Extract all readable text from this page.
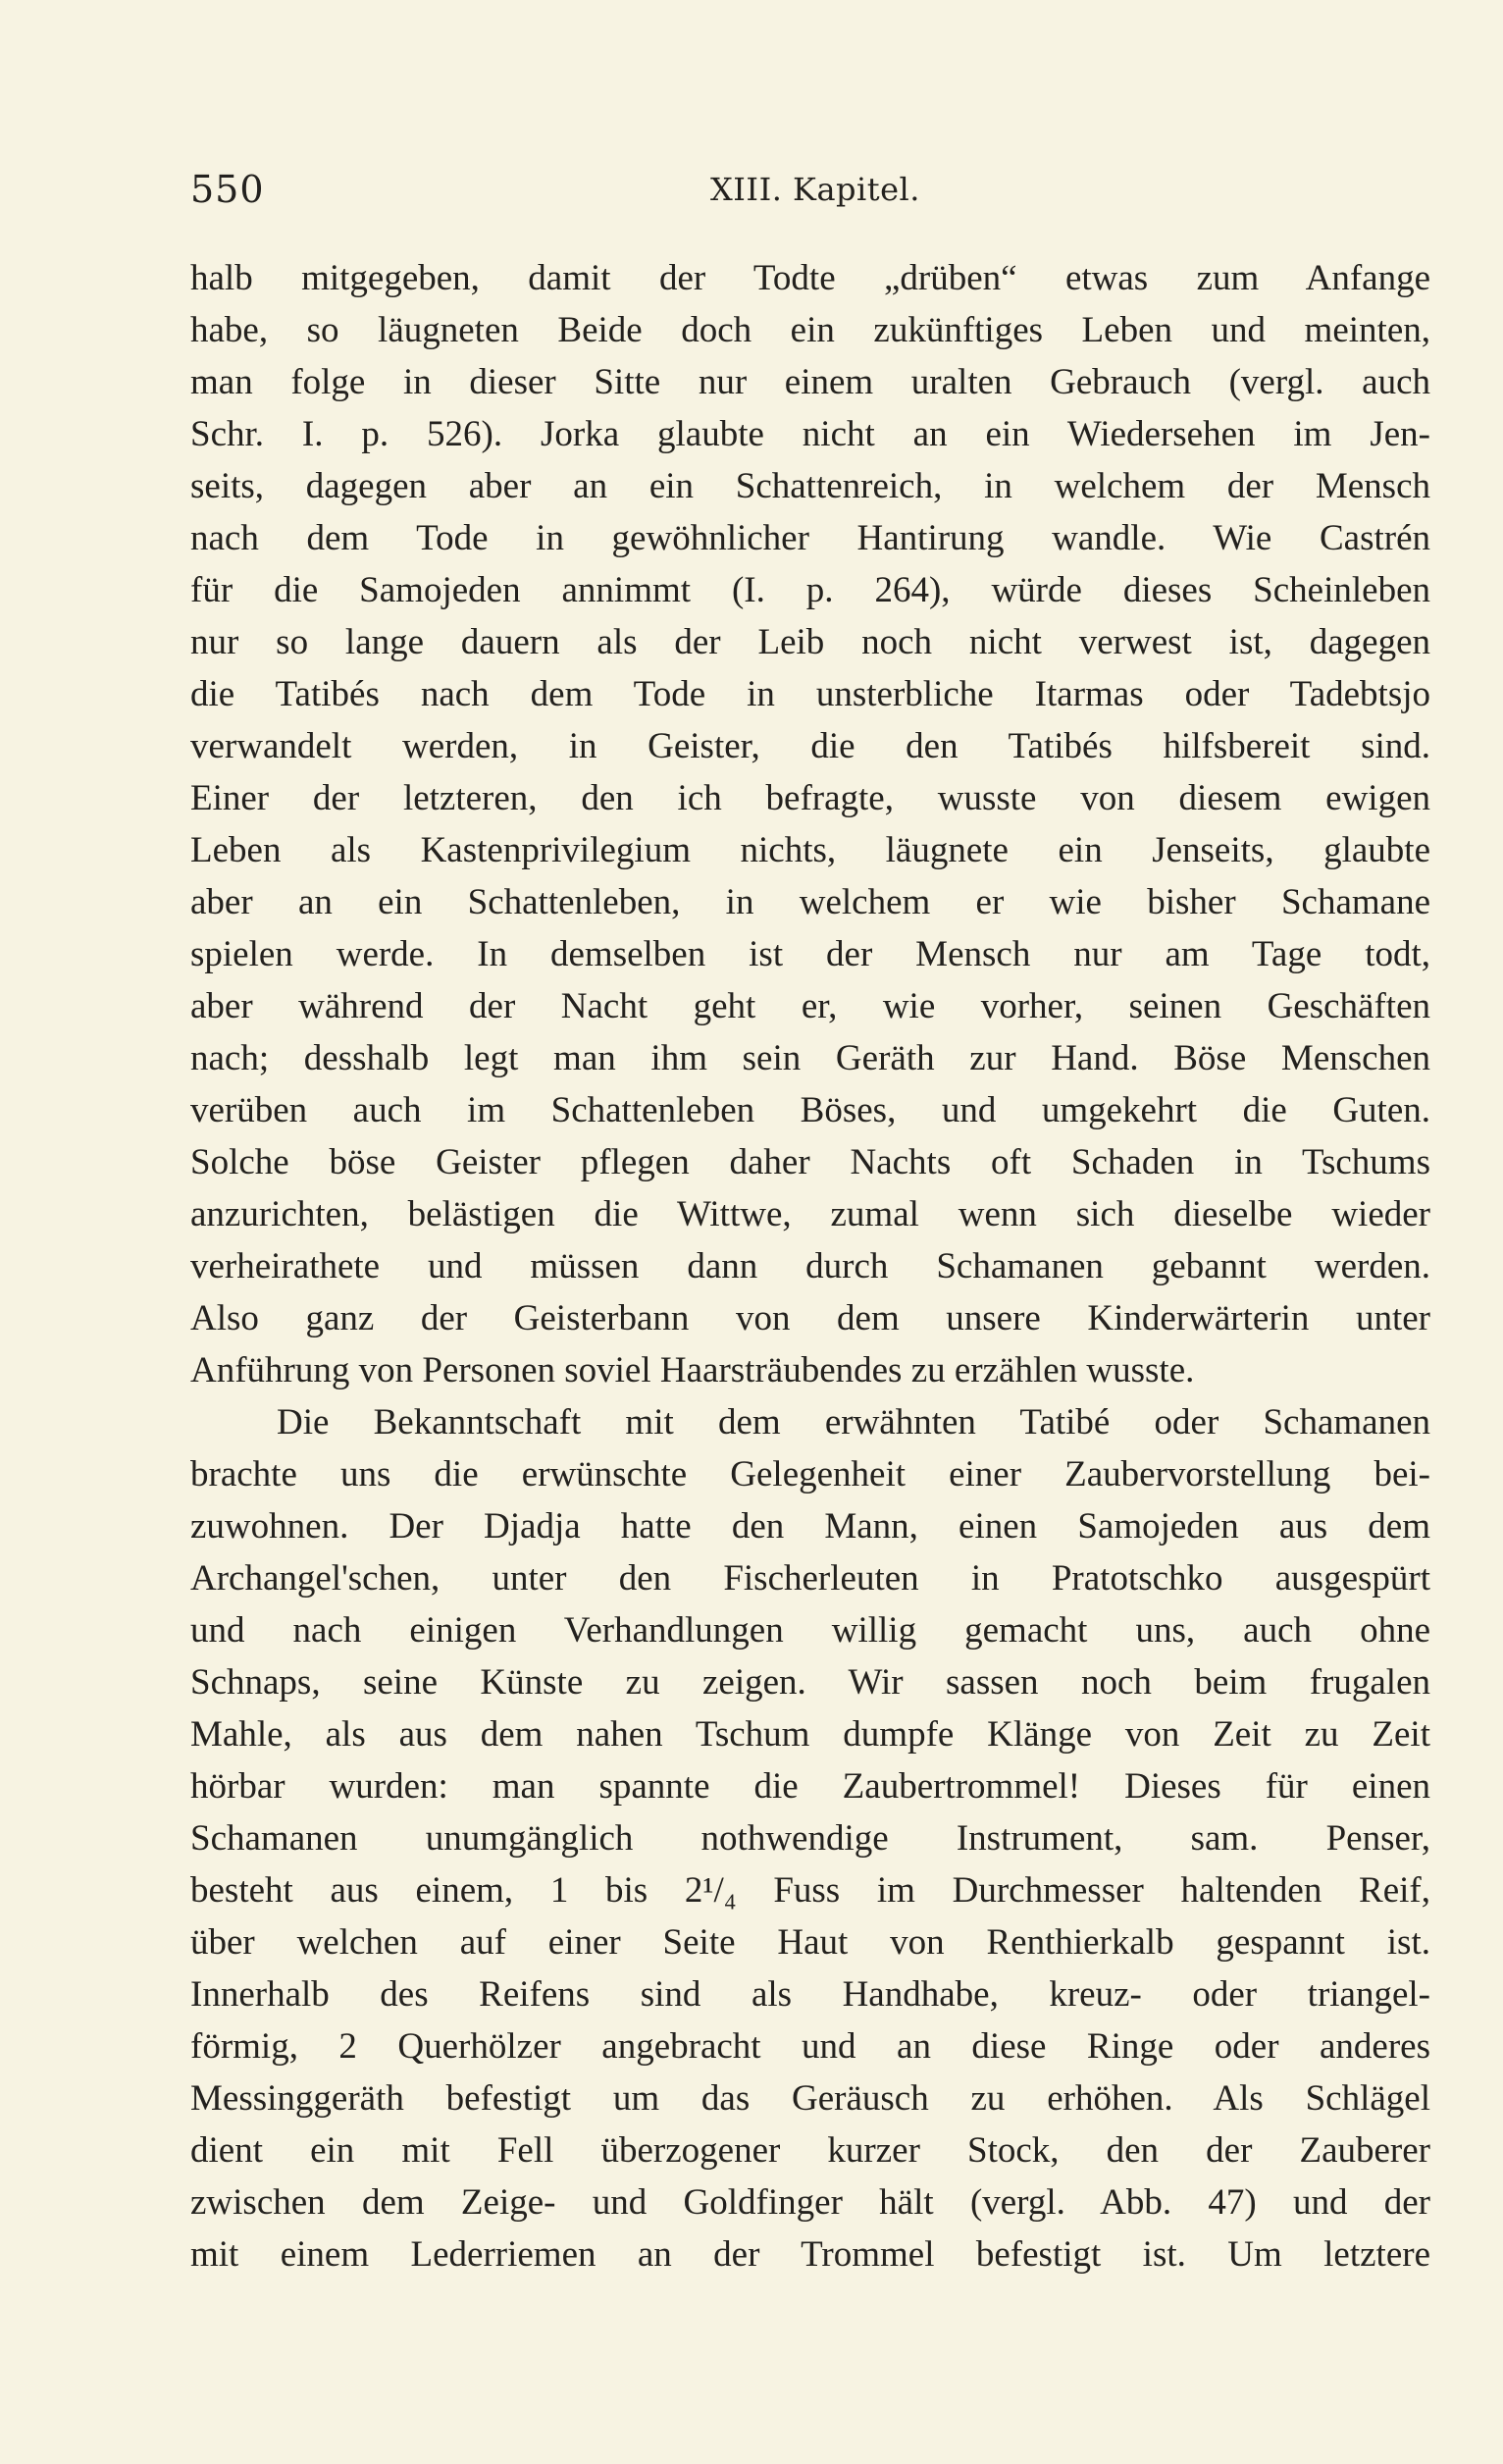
550	XIII. Kapitel.
halb mitgegeben, damit der Todte „drüben“ etwas zum Anfange
habe, so läugneten Beide doch ein zukünftiges Leben und meinten,
man folge in dieser Sitte nur einem uralten Gebrauch (vergl. auch
Schr. I. p. 526). Jorka glaubte nicht an ein Wiedersehen im Jen-
seits, dagegen aber an ein Schattenreich, in welchem der Mensch
nach dem Tode in gewöhnlicher Hantirung wandle. Wie Castrén
für die Samojeden annimmt (I. p. 264), würde dieses Scheinleben
nur so lange dauern als der Leib noch nicht verwest ist, dagegen
die Tatibés nach dem Tode in unsterbliche Itarmas oder Tadebtsjo
verwandelt werden, in Geister, die den Tatibés hilfsbereit sind.
Einer der letzteren, den ich befragte, wusste von diesem ewigen
Leben als Kastenprivilegium nichts, läugnete ein Jenseits, glaubte
aber an ein Schattenleben, in welchem er wie bisher Schamane
spielen werde. In demselben ist der Mensch nur am Tage todt,
aber während der Nacht geht er, wie vorher, seinen Geschäften
nach; desshalb legt man ihm sein Geräth zur Hand. Böse Menschen
verüben auch im Schattenleben Böses, und umgekehrt die Guten.
Solche böse Geister pflegen daher Nachts oft Schaden in Tschums
anzurichten, belästigen die Wittwe, zumal wenn sich dieselbe wieder
verheirathete und müssen dann durch Schamanen gebannt werden.
Also ganz der Geisterbann von dem unsere Kinderwärterin unter
Anführung von Personen soviel Haarsträubendes zu erzählen wusste.
Die Bekanntschaft mit dem erwähnten Tatibé oder Schamanen
brachte uns die erwünschte Gelegenheit einer Zaubervorstellung bei-
zuwohnen. Der Djadja hatte den Mann, einen Samojeden aus dem
Archangel'schen, unter den Fischerleuten in Pratotschko ausgespürt
und nach einigen Verhandlungen willig gemacht uns, auch ohne
Schnaps, seine Künste zu zeigen. Wir sassen noch beim frugalen
Mahle, als aus dem nahen Tschum dumpfe Klänge von Zeit zu Zeit
hörbar wurden: man spannte die Zaubertrommel! Dieses für einen
Schamanen unumgänglich nothwendige Instrument, sam. Penser,
besteht aus einem, 1 bis 2¹/₄ Fuss im Durchmesser haltenden Reif,
über welchen auf einer Seite Haut von Renthierkalb gespannt ist.
Innerhalb des Reifens sind als Handhabe, kreuz- oder triangel-
förmig, 2 Querhölzer angebracht und an diese Ringe oder anderes
Messinggeräth befestigt um das Geräusch zu erhöhen. Als Schlägel
dient ein mit Fell überzogener kurzer Stock, den der Zauberer
zwischen dem Zeige- und Goldfinger hält (vergl. Abb. 47) und der
mit einem Lederriemen an der Trommel befestigt ist. Um letztere
